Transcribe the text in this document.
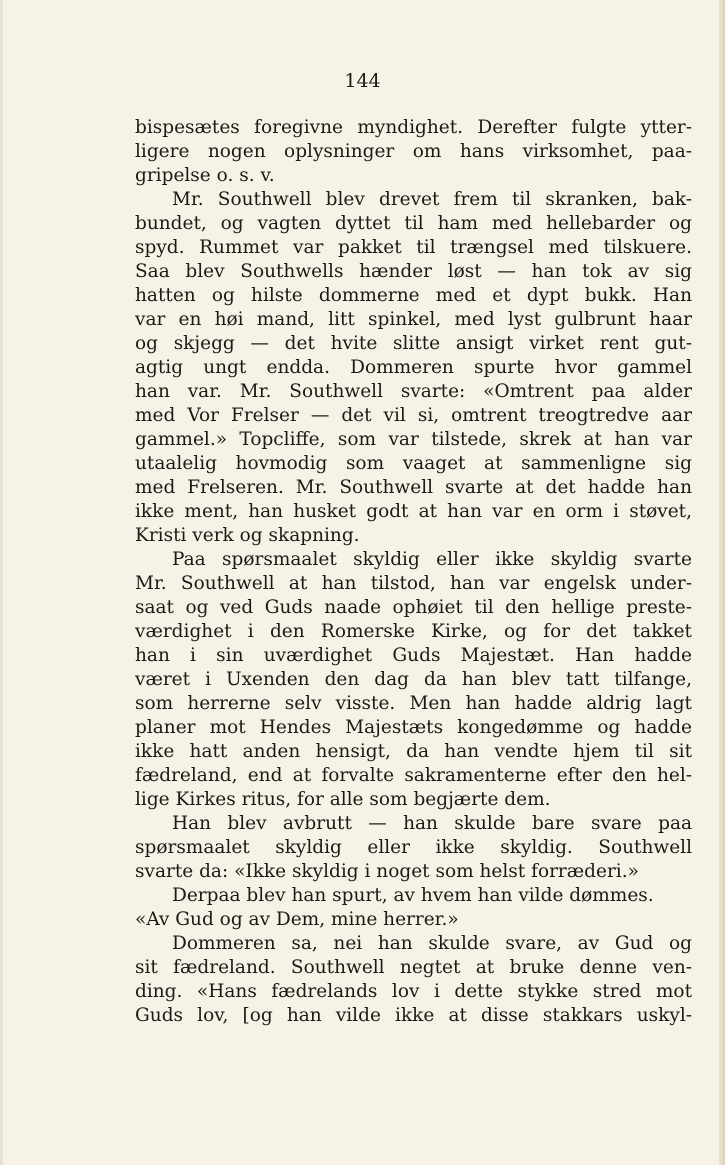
144
bispesætes foregivne myndighet. Derefter fulgte ytter-
ligere nogen oplysninger om hans virksomhet, paa-
gripelse o. s. v.
Mr. Southwell blev drevet frem til skranken, bak-
bundet, og vagten dyttet til ham med hellebarder og
spyd. Rummet var pakket til trængsel med tilskuere.
Saa blev Southwells hænder løst — han tok av sig
hatten og hilste dommerne med et dypt bukk. Han
var en høi mand, litt spinkel, med lyst gulbrunt haar
og skjegg — det hvite slitte ansigt virket rent gut-
agtig ungt endda. Dommeren spurte hvor gammel
han var. Mr. Southwell svarte: «Omtrent paa alder
med Vor Frelser — det vil si, omtrent treogtredve aar
gammel.» Topcliffe, som var tilstede, skrek at han var
utaalelig hovmodig som vaaget at sammenligne sig
med Frelseren. Mr. Southwell svarte at det hadde han
ikke ment, han husket godt at han var en orm i støvet,
Kristi verk og skapning.
Paa spørsmaalet skyldig eller ikke skyldig svarte
Mr. Southwell at han tilstod, han var engelsk under-
saat og ved Guds naade ophøiet til den hellige preste-
værdighet i den Romerske Kirke, og for det takket
han i sin uværdighet Guds Majestæt. Han hadde
været i Uxenden den dag da han blev tatt tilfange,
som herrerne selv visste. Men han hadde aldrig lagt
planer mot Hendes Majestæts kongedømme og hadde
ikke hatt anden hensigt, da han vendte hjem til sit
fædreland, end at forvalte sakramenterne efter den hel-
lige Kirkes ritus, for alle som begjærte dem.
Han blev avbrutt — han skulde bare svare paa
spørsmaalet skyldig eller ikke skyldig. Southwell
svarte da: «Ikke skyldig i noget som helst forræderi.»
Derpaa blev han spurt, av hvem han vilde dømmes.
«Av Gud og av Dem, mine herrer.»
Dommeren sa, nei han skulde svare, av Gud og
sit fædreland. Southwell negtet at bruke denne ven-
ding. «Hans fædrelands lov i dette stykke stred mot
Guds lov, [og han vilde ikke at disse stakkars uskyl-
